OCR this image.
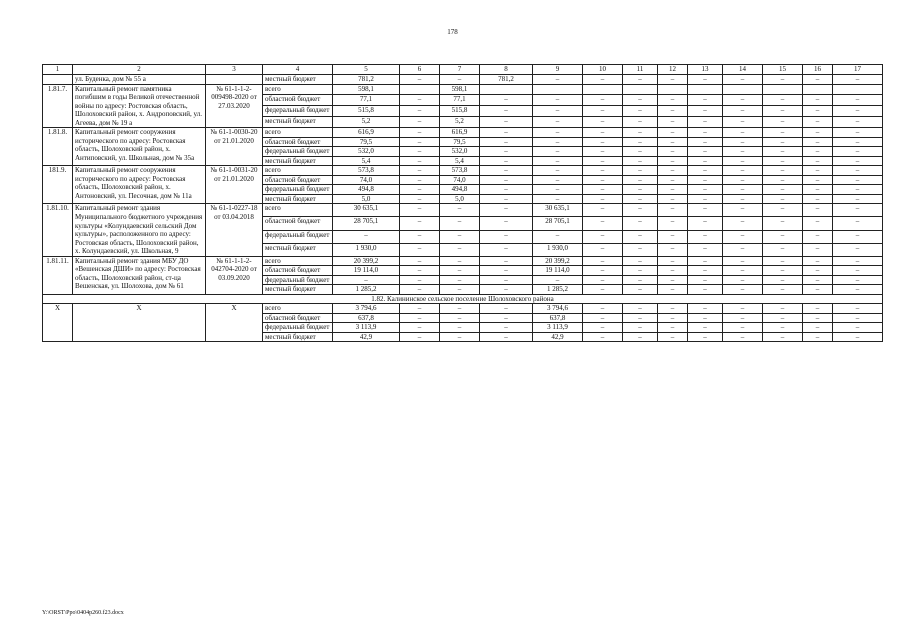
178
1	2	3	4	5	6	7	8	9	10	11	12	13	14	15	16	17
	ул. Буденка, дом № 55 а		местный бюджет	781,2	–	–	781,2	–	–	–	–	–	–	–	–	–
1.81.7.	Капитальный ремонт памятника погибшим в годы Великой отечественной войны по адресу: Ростовская область, Шолоховский район, х. Андроповский, ул. Агеева, дом № 19 а	№ 61-1-1-2-009498-2020 от 27.03.2020	всего	598,1		598,1										
			областной бюджет	77,1	–	77,1	–	–	–	–	–	–	–	–	–	–
			федеральный бюджет	515,8	–	515,8	–	–	–	–	–	–	–	–	–	–
			местный бюджет	5,2	–	5,2	–	–	–	–	–	–	–	–	–	–
1.81.8.	Капитальный ремонт сооружения исторического по адресу: Ростовская область, Шолоховский район, х. Антиповский, ул. Школьная, дом № 35а	№ 61-1-0030-20 от 21.01.2020	всего	616,9	–	616,9	–	–	–	–	–	–	–	–	–	–
			областной бюджет	79,5	–	79,5	–	–	–	–	–	–	–	–	–	–
			федеральный бюджет	532,0	–	532,0	–	–	–	–	–	–	–	–	–	–
			местный бюджет	5,4	–	5,4	–	–	–	–	–	–	–	–	–	–
181.9.	Капитальный ремонт сооружения исторического по адресу: Ростовская область, Шолоховский район, х. Антоновский, ул. Песочная, дом № 11а	№ 61-1-0031-20 от 21.01.2020	всего	573,8	–	573,8	–	–	–	–	–	–	–	–	–	–
			областной бюджет	74,0	–	74,0	–	–	–	–	–	–	–	–	–	–
			федеральный бюджет	494,8	–	494,8	–	–	–	–	–	–	–	–	–	–
			местный бюджет	5,0	–	5,0	–	–	–	–	–	–	–	–	–	–
1.81.10.	Капитальный ремонт здания Муниципального бюджетного учреждения культуры «Колундаевский сельский Дом культуры», расположенного по адресу: Ростовская область, Шолоховский район, х. Колундаевский, ул. Школьная, 9	№ 61-1-0227-18 от 03.04.2018	всего	30 635,1	–	–	–	30 635,1	–	–	–	–	–	–	–	–
			областной бюджет	28 705,1	–	–	–	28 705,1	–	–	–	–	–	–	–	–
			федеральный бюджет	–	–	–	–	–	–	–	–	–	–	–	–	–
			местный бюджет	1 930,0	–	–	–	1 930,0	–	–	–	–	–	–	–	–
1.81.11.	Капитальный ремонт здания МБУ ДО «Вешенская ДШИ» по адресу: Ростовская область, Шолоховский район, ст-ца Вешенская, ул. Шолохова, дом № 61	№ 61-1-1-2-042704-2020 от 03.09.2020	всего	20 399,2	–	–	–	20 399,2	–	–	–	–	–	–	–	–
			областной бюджет	19 114,0	–	–	–	19 114,0	–	–	–	–	–	–	–	–
			федеральный бюджет	–	–	–	–	–	–	–	–	–	–	–	–	–
			местный бюджет	1 285,2	–	–	–	1 285,2	–	–	–	–	–	–	–	–
1.82. Калининское сельское поселение Шолоховского района																
X	X	X	всего	3 794,6	–	–	–	3 794,6	–	–	–	–	–	–	–	–
			областной бюджет	637,8	–	–	–	637,8	–	–	–	–	–	–	–	–
			федеральный бюджет	3 113,9	–	–	–	3 113,9	–	–	–	–	–	–	–	–
			местный бюджет	42,9	–	–	–	42,9	–	–	–	–	–	–	–	–
Y:\ORST\Ppo\0404p260.f23.docx
